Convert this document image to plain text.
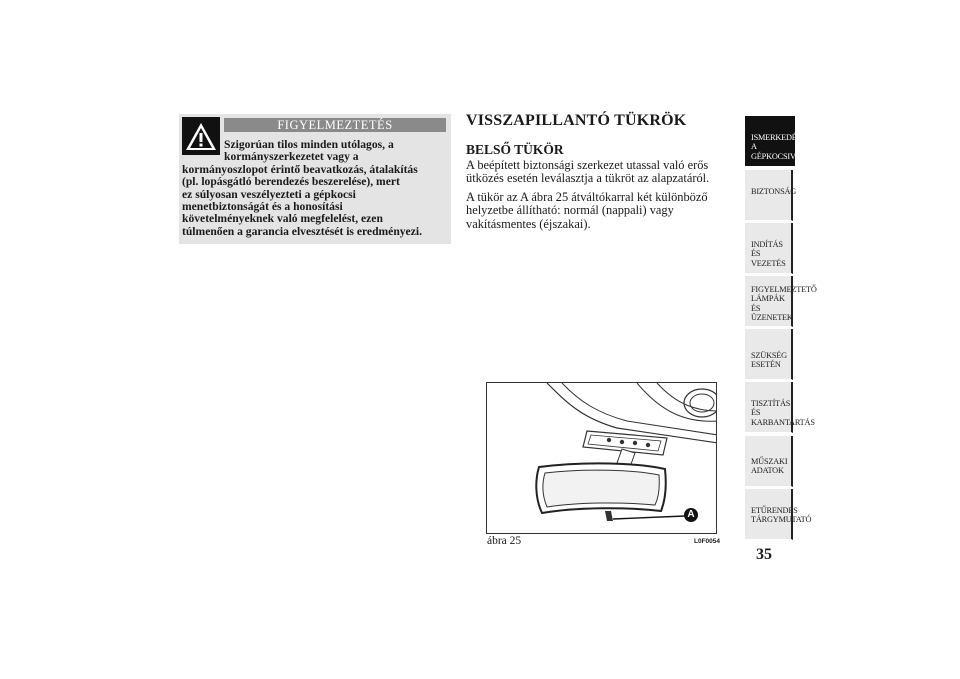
FIGYELMEZTETÉS

Szigorúan tilos minden utólagos, a
kormányszerkezetet vagy a
kormányoszlopot érintő beavatkozás, átalakítás
(pl. lopásgátló berendezés beszerelése), mert
ez súlyosan veszélyezteti a gépkocsi
menetbiztonságát és a honosítási
követelményeknek való megfelelést, ezen
túlmenően a garancia elvesztését is eredményezi.

VISSZAPILLANTÓ TÜKRÖK
BELSŐ TÜKÖR

A beépített biztonsági szerkezet utassal való erős
ütközés esetén leválasztja a tükröt az alapzatáról.

A tükör az A ábra 25 átváltókarral két különböző
helyzetbe állítható: normál (nappali) vagy
vakításmentes (éjszakai).

A

ábra 25	L0F0054

ISMERKEDÉS A
GÉPKOCSIVAL
BIZTONSÁG
INDÍTÁS ÉS
VEZETÉS
FIGYELMEZTETŐ
LÁMPÁK ÉS
ÜZENETEK
SZÜKSÉG ESETÉN
TISZTÍTÁS ÉS
KARBANTARTÁS
MŰSZAKI ADATOK
ETŰRENDES
TÁRGYMUTATÓ

35
